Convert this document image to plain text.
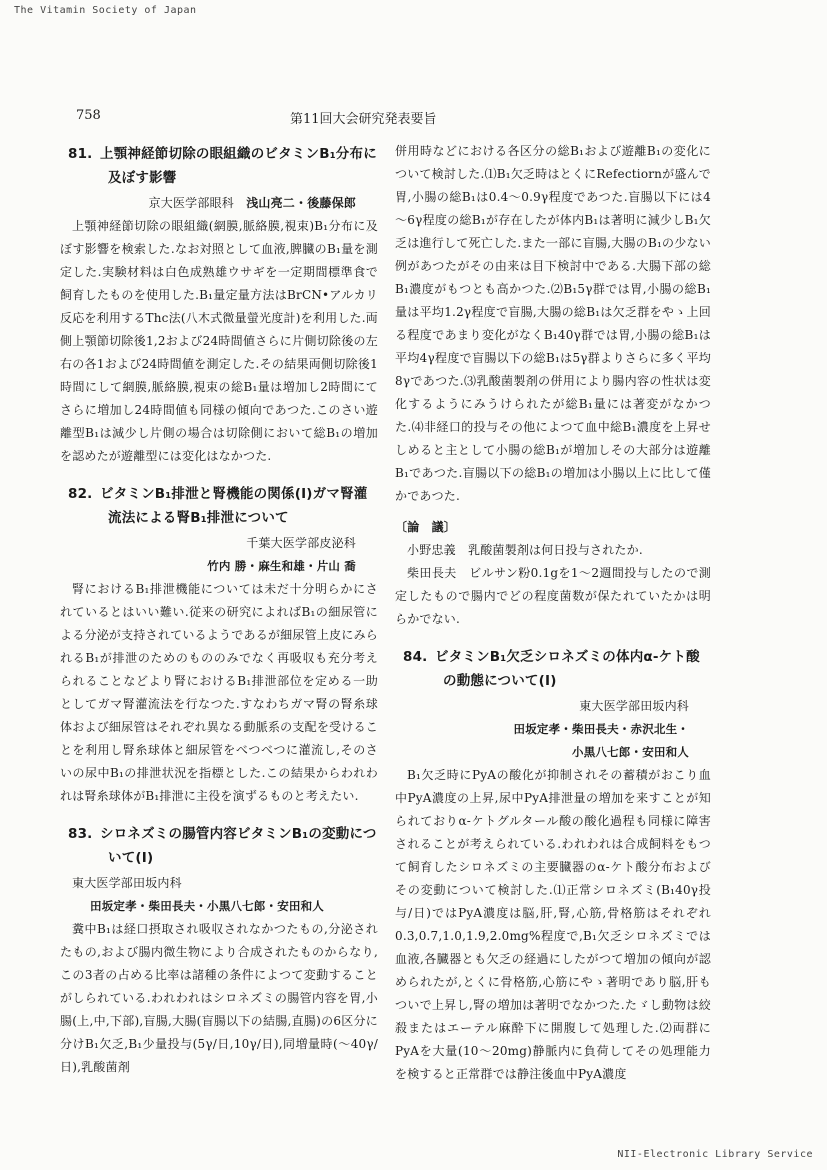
The Vitamin Society of Japan
758	第11回大会研究発表要旨
81. 上顎神経節切除の眼組織のビタミンB₁分布に及ぼす影響
京大医学部眼科　 浅山亮二・後藤保郎
上顎神経節切除の眼組織(網膜,脈絡膜,視束)B₁分布に及ぼす影響を検索した.なお対照として血液,脾臓のB₁量を測定した.実験材料は白色成熟雄ウサギを一定期間標準食で飼育したものを使用した.B₁量定量方法はBrCN•アルカリ反応を利用するThc法(八木式微量螢光度計)を利用した.両側上顎節切除後1,2および24時間値さらに片側切除後の左右の各1および24時間値を測定した.その結果両側切除後1時間にして網膜,脈絡膜,視束の総B₁量は増加し2時間にてさらに増加し24時間値も同様の傾向であつた.このさい遊離型B₁は減少し片側の場合は切除側において総B₁の増加を認めたが遊離型には変化はなかつた.
82. ビタミンB₁排泄と腎機能の関係(Ⅰ)ガマ腎灌流法による腎B₁排泄について
千葉大医学部皮泌科
竹内 勝・麻生和雄・片山 喬
腎におけるB₁排泄機能については未だ十分明らかにされているとはいい難い.従来の研究によればB₁の細尿管による分泌が支持されているようであるが細尿管上皮にみられるB₁が排泄のためのもののみでなく再吸収も充分考えられることなどより腎におけるB₁排泄部位を定める一助としてガマ腎灌流法を行なつた.すなわちガマ腎の腎糸球体および細尿管はそれぞれ異なる動脈系の支配を受けることを利用し腎糸球体と細尿管をべつべつに灌流し,そのさいの尿中B₁の排泄状況を指標とした.この結果からわれわれは腎糸球体がB₁排泄に主役を演ずるものと考えたい.
83. シロネズミの腸管内容ビタミンB₁の変動について(Ⅰ)
東大医学部田坂内科
田坂定孝・柴田長夫・小黒八七郎・安田和人
糞中B₁は経口摂取され吸収されなかつたもの,分泌されたもの,および腸内微生物により合成されたものからなり,この3者の占める比率は諸種の条件によつて変動することがしられている.われわれはシロネズミの腸管内容を胃,小腸(上,中,下部),盲腸,大腸(盲腸以下の結腸,直腸)の6区分に分けB₁欠乏,B₁少量投与(5γ/日,10γ/日),同増量時(～40γ/日),乳酸菌剤
併用時などにおける各区分の総B₁および遊離B₁の変化について検討した.⑴B₁欠乏時はとくにRefectiornが盛んで胃,小腸の総B₁は0.4～0.9γ程度であつた.盲腸以下には4～6γ程度の総B₁が存在したが体内B₁は著明に減少しB₁欠乏は進行して死亡した.また一部に盲腸,大腸のB₁の少ない例があつたがその由来は目下検討中である.大腸下部の総B₁濃度がもつとも高かつた.⑵B₁5γ群では胃,小腸の総B₁量は平均1.2γ程度で盲腸,大腸の総B₁は欠乏群をやゝ上回る程度であまり変化がなくB₁40γ群では胃,小腸の総B₁は平均4γ程度で盲腸以下の総B₁は5γ群よりさらに多く平均8γであつた.⑶乳酸菌製剤の併用により腸内容の性状は変化するようにみうけられたが総B₁量には著変がなかつた.⑷非経口的投与その他によつて血中総B₁濃度を上昇せしめると主として小腸の総B₁が増加しその大部分は遊離B₁であつた.盲腸以下の総B₁の増加は小腸以上に比して僅かであつた.
〔論　議〕
小野忠義　 乳酸菌製剤は何日投与されたか.
柴田長夫　 ビルサン粉0.1gを1～2週間投与したので測定したもので腸内でどの程度菌数が保たれていたかは明らかでない.
84. ビタミンB₁欠乏シロネズミの体内α-ケト酸の動態について(Ⅰ)
東大医学部田坂内科
田坂定孝・柴田長夫・赤沢北生・
小黒八七郎・安田和人
B₁欠乏時にPyAの酸化が抑制されその蓄積がおこり血中PyA濃度の上昇,尿中PyA排泄量の増加を来すことが知られておりα-ケトグルタール酸の酸化過程も同様に障害されることが考えられている.われわれは合成飼料をもつて飼育したシロネズミの主要臓器のα-ケト酸分布およびその変動について検討した.⑴正常シロネズミ(B₁40γ投与/日)ではPyA濃度は脳,肝,腎,心筋,骨格筋はそれぞれ0.3,0.7,1.0,1.9,2.0mg%程度で,B₁欠乏シロネズミでは血液,各臓器とも欠乏の経過にしたがつて増加の傾向が認められたが,とくに骨格筋,心筋にやゝ著明であり脳,肝もついで上昇し,腎の増加は著明でなかつた.たゞし動物は絞殺またはエーテル麻酔下に開腹して処理した.⑵両群にPyAを大量(10～20mg)静脈内に負荷してその処理能力を検すると正常群では静注後血中PyA濃度
NII-Electronic Library Service
